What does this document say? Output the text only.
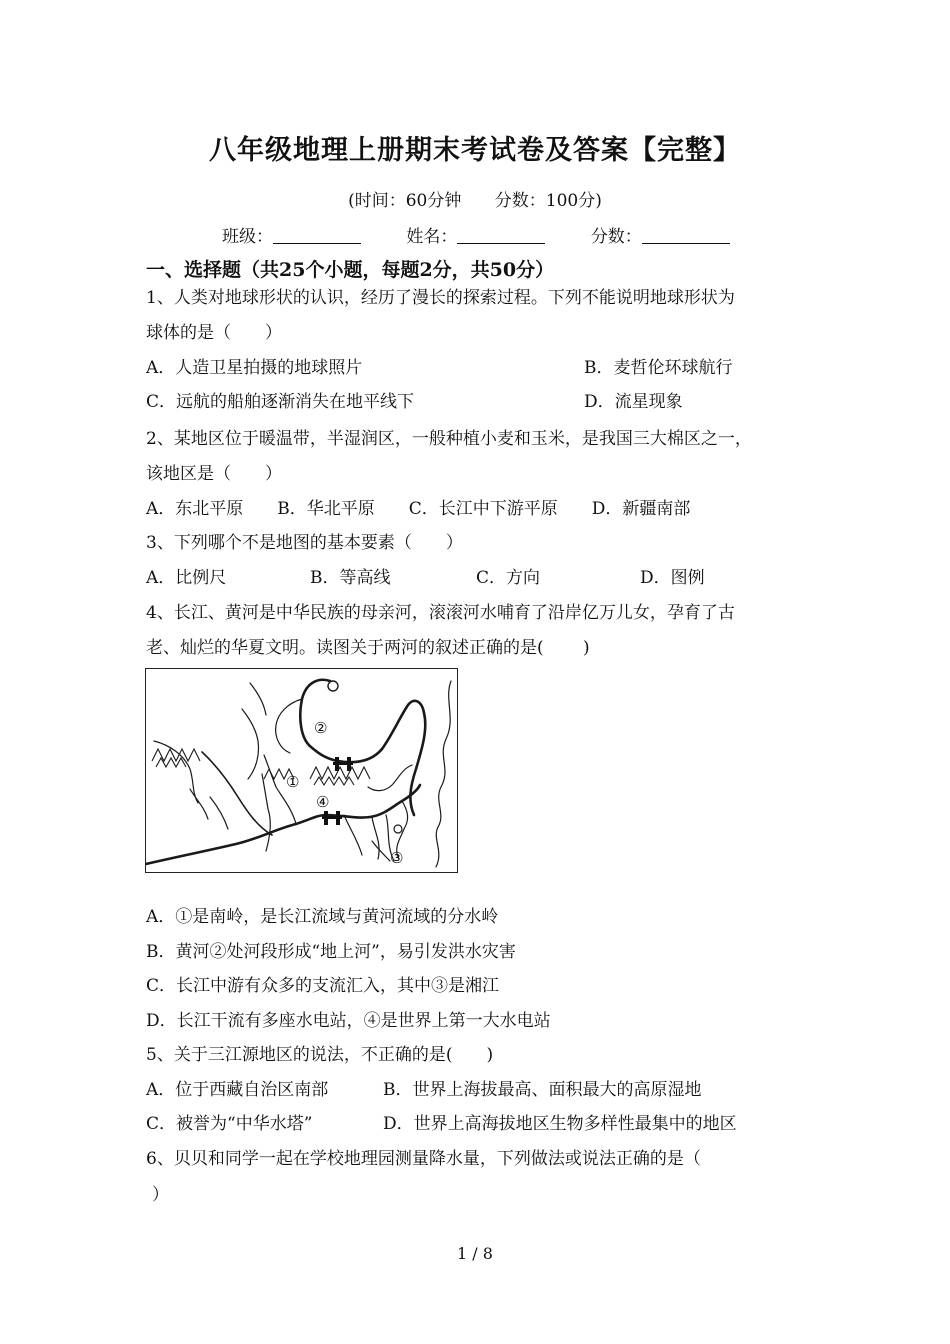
八年级地理上册期末考试卷及答案【完整】
(时间：60分钟 分数：100分)
班级：	姓名：	分数：
一、选择题（共25个小题，每题2分，共50分）
1、人类对地球形状的认识，经历了漫长的探索过程。下列不能说明地球形状为
球体的是（　　）
A．人造卫星拍摄的地球照片	B．麦哲伦环球航行
C．远航的船舶逐渐消失在地平线下	D．流星现象
2、某地区位于暖温带，半湿润区，一般种植小麦和玉米，是我国三大棉区之一，
该地区是（　　）
A．东北平原 B．华北平原 C．长江中下游平原 D．新疆南部
3、下列哪个不是地图的基本要素（　　）
A．比例尺	B．等高线	C．方向	D．图例
4、长江、黄河是中华民族的母亲河，滚滚河水哺育了沿岸亿万儿女，孕育了古
老、灿烂的华夏文明。读图关于两河的叙述正确的是(　　 )
①
②
③
④
A．①是南岭，是长江流域与黄河流域的分水岭
B．黄河②处河段形成“地上河”，易引发洪水灾害
C．长江中游有众多的支流汇入，其中③是湘江
D．长江干流有多座水电站，④是世界上第一大水电站
5、关于三江源地区的说法，不正确的是(　　)
A．位于西藏自治区南部	B．世界上海拔最高、面积最大的高原湿地
C．被誉为“中华水塔”	D．世界上高海拔地区生物多样性最集中的地区
6、贝贝和同学一起在学校地理园测量降水量，下列做法或说法正确的是（
）
1 / 8
